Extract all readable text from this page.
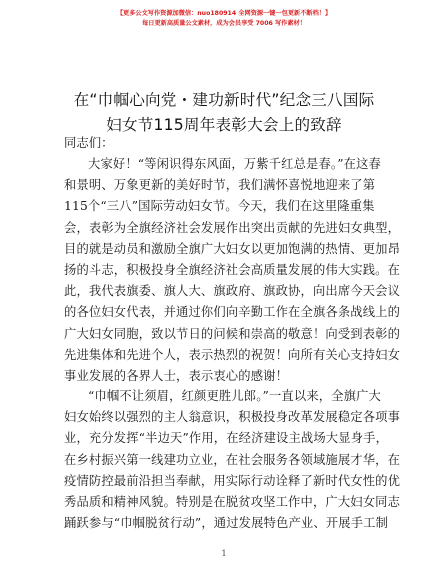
【更多公文写作资源加微信：nuo180914 全网资源一键一包更新不断档！】
每日更新高质量公文素材，成为会员享受 7006 写作素材！
在“巾帼心向党・建功新时代”纪念三八国际
妇女节115周年表彰大会上的致辞
同志们：
大家好！“等闲识得东风面，万紫千红总是春。”在这春
和景明、万象更新的美好时节，我们满怀喜悦地迎来了第
115个“三八”国际劳动妇女节。今天，我们在这里隆重集
会，表彰为全旗经济社会发展作出突出贡献的先进妇女典型，
目的就是动员和激励全旗广大妇女以更加饱满的热情、更加昂
扬的斗志，积极投身全旗经济社会高质量发展的伟大实践。在
此，我代表旗委、旗人大、旗政府、旗政协，向出席今天会议
的各位妇女代表，并通过你们向辛勤工作在全旗各条战线上的
广大妇女同胞，致以节日的问候和崇高的敬意！向受到表彰的
先进集体和先进个人，表示热烈的祝贺！向所有关心支持妇女
事业发展的各界人士，表示衷心的感谢！
“巾帼不让须眉，红颜更胜儿郎。”一直以来，全旗广大
妇女始终以强烈的主人翁意识，积极投身改革发展稳定各项事
业，充分发挥“半边天”作用，在经济建设主战场大显身手，
在乡村振兴第一线建功立业，在社会服务各领域施展才华，在
疫情防控最前沿担当奉献，用实际行动诠释了新时代女性的优
秀品质和精神风貌。特别是在脱贫攻坚工作中，广大妇女同志
踊跃参与“巾帼脱贫行动”，通过发展特色产业、开展手工制
1
